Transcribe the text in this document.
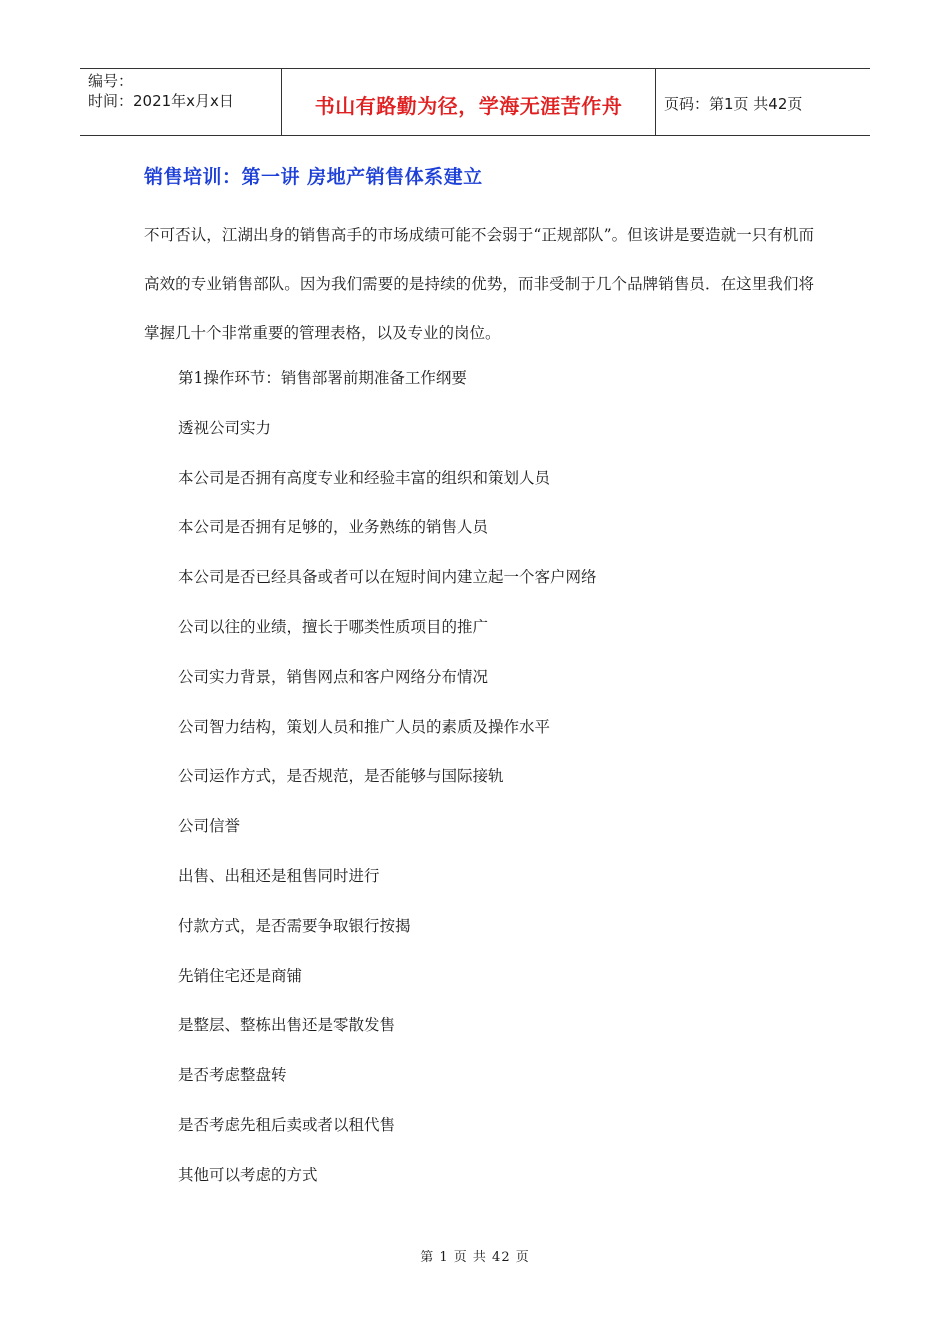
编号：
时间：2021年x月x日	书山有路勤为径，学海无涯苦作舟	页码：第1页 共42页
销售培训：第一讲 房地产销售体系建立
不可否认，江湖出身的销售高手的市场成绩可能不会弱于“正规部队”。但该讲是要造就一只有机而高效的专业销售部队。因为我们需要的是持续的优势，而非受制于几个品牌销售员．在这里我们将掌握几十个非常重要的管理表格，以及专业的岗位。
第1操作环节：销售部署前期准备工作纲要
透视公司实力
本公司是否拥有高度专业和经验丰富的组织和策划人员
本公司是否拥有足够的，业务熟练的销售人员
本公司是否已经具备或者可以在短时间内建立起一个客户网络
公司以往的业绩，擅长于哪类性质项目的推广
公司实力背景，销售网点和客户网络分布情况
公司智力结构，策划人员和推广人员的素质及操作水平
公司运作方式，是否规范，是否能够与国际接轨
公司信誉
出售、出租还是租售同时进行
付款方式，是否需要争取银行按揭
先销住宅还是商铺
是整层、整栋出售还是零散发售
是否考虑整盘转
是否考虑先租后卖或者以租代售
其他可以考虑的方式
第 1 页 共 42 页
